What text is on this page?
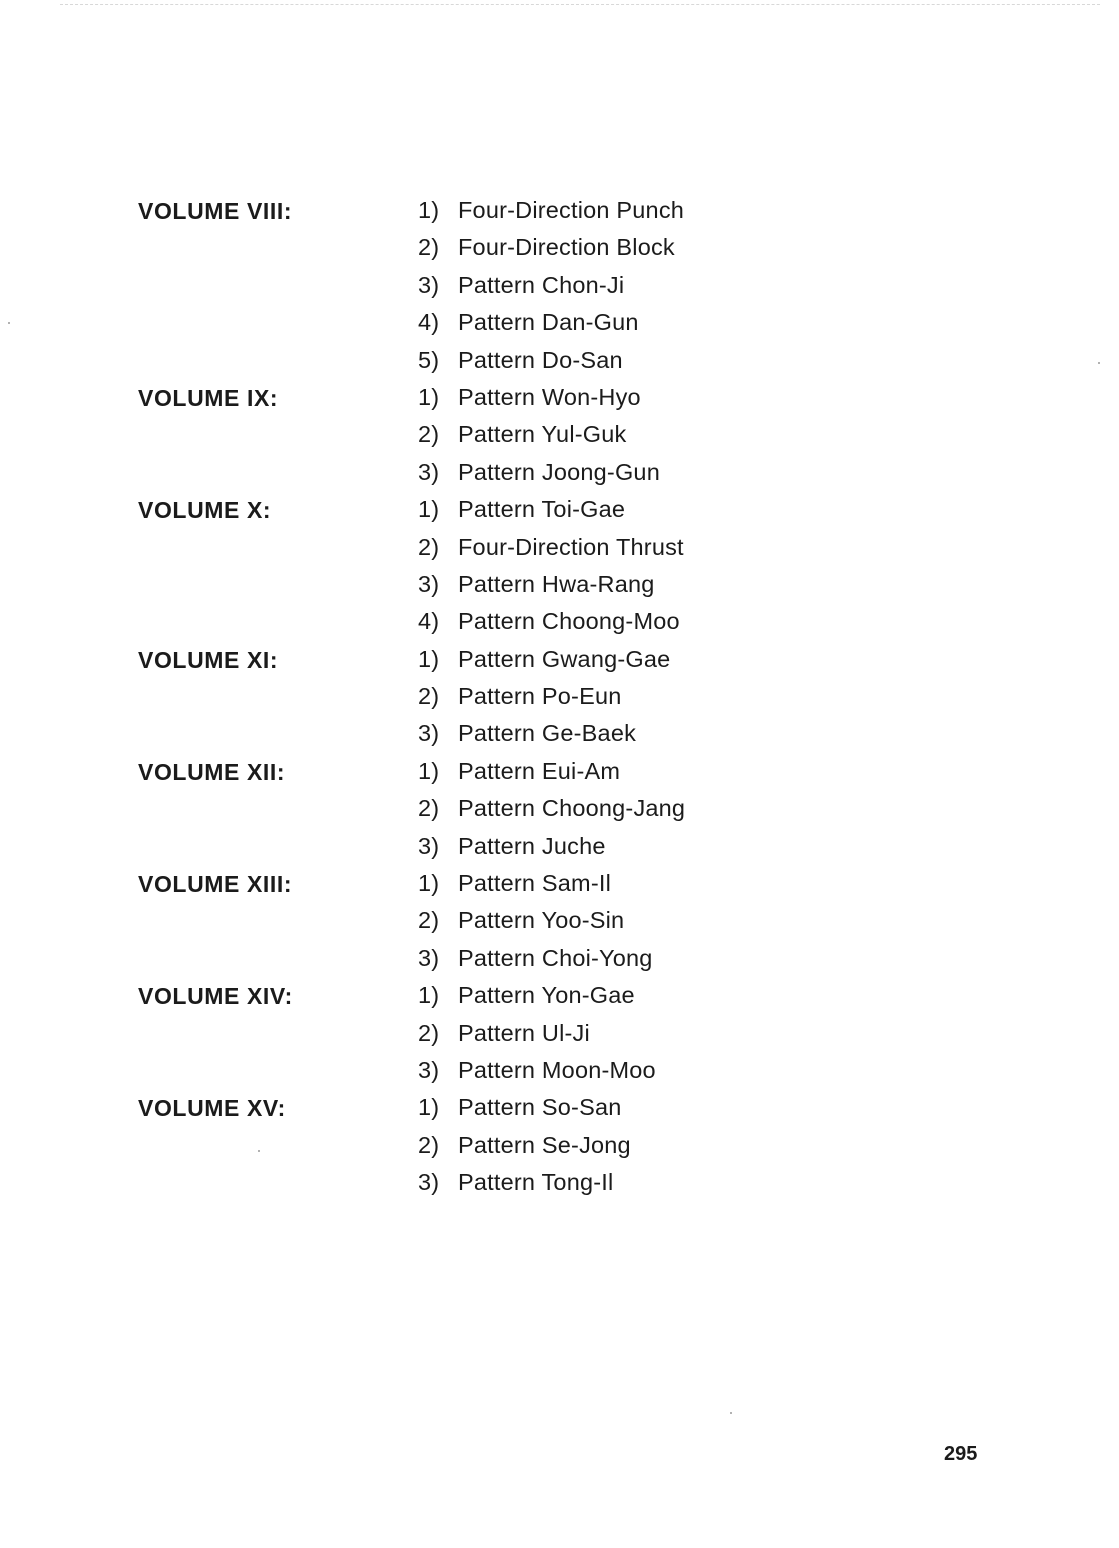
VOLUME VIII:	1) Four-Direction Punch
2) Four-Direction Block
3) Pattern Chon-Ji
4) Pattern Dan-Gun
5) Pattern Do-San
VOLUME IX:	1) Pattern Won-Hyo
2) Pattern Yul-Guk
3) Pattern Joong-Gun
VOLUME X:	1) Pattern Toi-Gae
2) Four-Direction Thrust
3) Pattern Hwa-Rang
4) Pattern Choong-Moo
VOLUME XI:	1) Pattern Gwang-Gae
2) Pattern Po-Eun
3) Pattern Ge-Baek
VOLUME XII:	1) Pattern Eui-Am
2) Pattern Choong-Jang
3) Pattern Juche
VOLUME XIII:	1) Pattern Sam-Il
2) Pattern Yoo-Sin
3) Pattern Choi-Yong
VOLUME XIV:	1) Pattern Yon-Gae
2) Pattern Ul-Ji
3) Pattern Moon-Moo
VOLUME XV:	1) Pattern So-San
2) Pattern Se-Jong
3) Pattern Tong-Il
295
